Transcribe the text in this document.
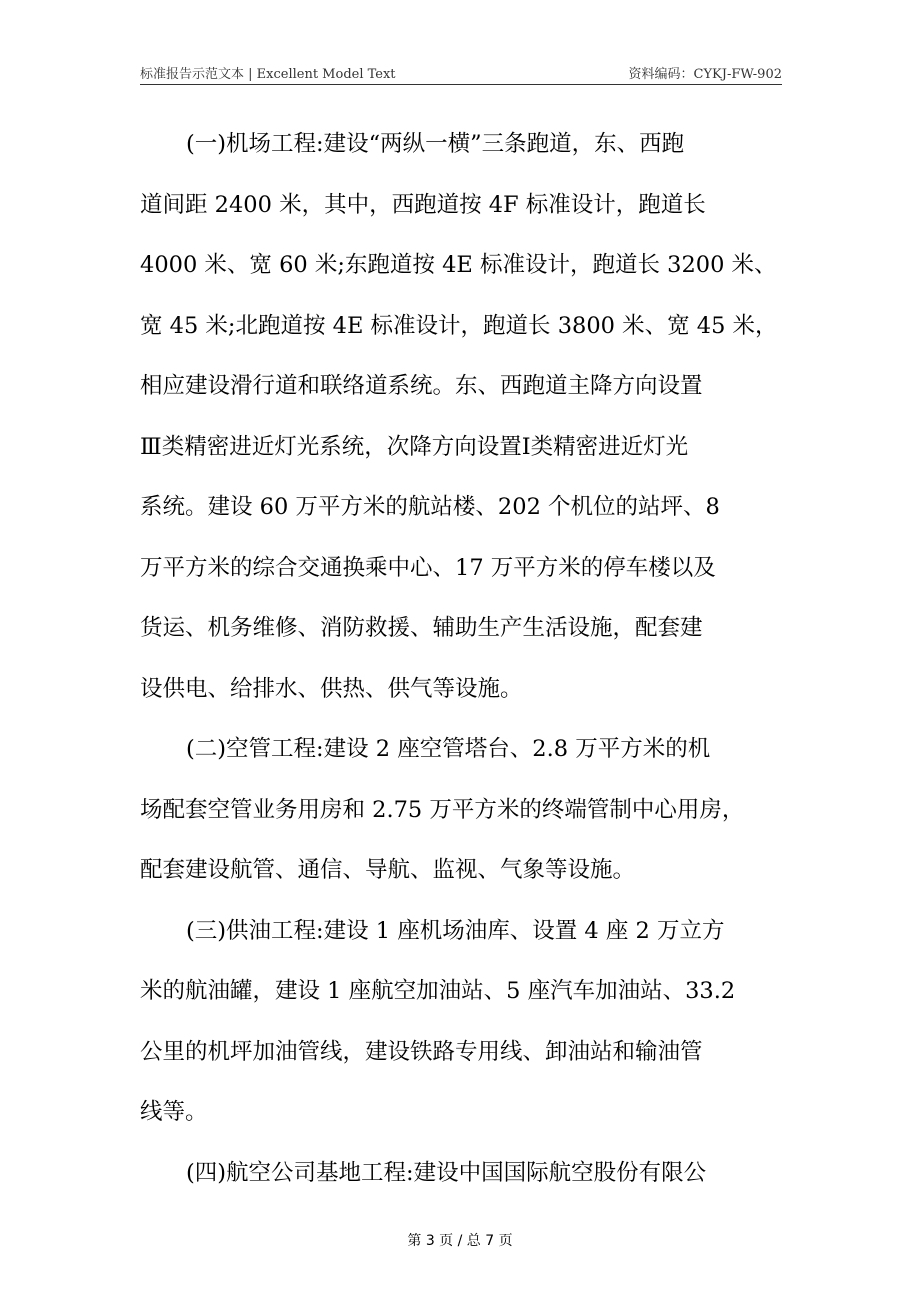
标准报告示范文本 | Excellent Model Text	资料编码：CYKJ-FW-902
(一)机场工程:建设“两纵一横”三条跑道，东、西跑
道间距 2400 米，其中，西跑道按 4F 标准设计，跑道长
4000 米、宽 60 米;东跑道按 4E 标准设计，跑道长 3200 米、
宽 45 米;北跑道按 4E 标准设计，跑道长 3800 米、宽 45 米，
相应建设滑行道和联络道系统。东、西跑道主降方向设置
Ⅲ类精密进近灯光系统，次降方向设置Ⅰ类精密进近灯光
系统。建设 60 万平方米的航站楼、202 个机位的站坪、8
万平方米的综合交通换乘中心、17 万平方米的停车楼以及
货运、机务维修、消防救援、辅助生产生活设施，配套建
设供电、给排水、供热、供气等设施。
(二)空管工程:建设 2 座空管塔台、2.8 万平方米的机
场配套空管业务用房和 2.75 万平方米的终端管制中心用房，
配套建设航管、通信、导航、监视、气象等设施。
(三)供油工程:建设 1 座机场油库、设置 4 座 2 万立方
米的航油罐，建设 1 座航空加油站、5 座汽车加油站、33.2
公里的机坪加油管线，建设铁路专用线、卸油站和输油管
线等。
(四)航空公司基地工程:建设中国国际航空股份有限公
第 3 页 / 总 7 页
